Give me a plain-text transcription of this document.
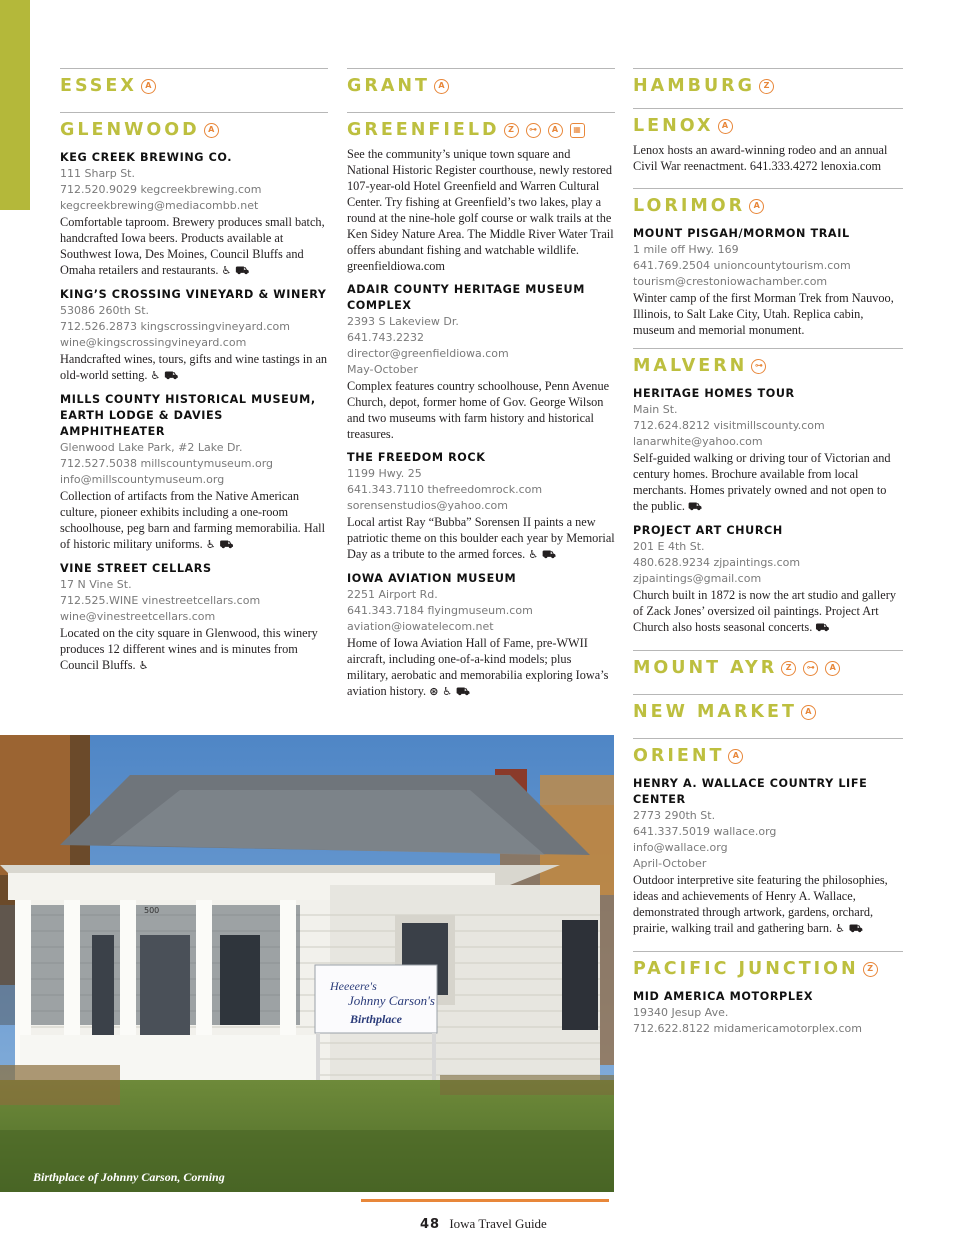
ESSEX	A
GLENWOOD	A
KEG CREEK BREWING CO.
111 Sharp St.
712.520.9029 kegcreekbrewing.com
kegcreekbrewing@mediacombb.net
Comfortable taproom. Brewery produces small batch, handcrafted Iowa beers. Products available at Southwest Iowa, Des Moines, Council Bluffs and Omaha retailers and restaurants. ♿ ⛟
KING’S CROSSING VINEYARD & WINERY
53086 260th St.
712.526.2873 kingscrossingvineyard.com
wine@kingscrossingvineyard.com
Handcrafted wines, tours, gifts and wine tastings in an old-world setting. ♿ ⛟
MILLS COUNTY HISTORICAL MUSEUM, EARTH LODGE & DAVIES AMPHITHEATER
Glenwood Lake Park, #2 Lake Dr.
712.527.5038 millscountymuseum.org
info@millscountymuseum.org
Collection of artifacts from the Native American culture, pioneer exhibits including a one-room schoolhouse, peg barn and farming memorabilia. Hall of historic military uniforms. ♿ ⛟
VINE STREET CELLARS
17 N Vine St.
712.525.WINE vinestreetcellars.com
wine@vinestreetcellars.com
Located on the city square in Glenwood, this winery produces 12 different wines and is minutes from Council Bluffs. ♿
GRANT	A
GREENFIELD	Z	⊶	A	▦
See the community’s unique town square and National Historic Register courthouse, newly restored 107-year-old Hotel Greenfield and Warren Cultural Center. Try fishing at Greenfield’s two lakes, play a round at the nine-hole golf course or walk trails at the Ken Sidey Nature Area. The Middle River Water Trail offers abundant fishing and watchable wildlife. greenfieldiowa.com
ADAIR COUNTY HERITAGE MUSEUM COMPLEX
2393 S Lakeview Dr.
641.743.2232
director@greenfieldiowa.com
May-October
Complex features country schoolhouse, Penn Avenue Church, depot, former home of Gov. George Wilson and two museums with farm history and historical treasures.
THE FREEDOM ROCK
1199 Hwy. 25
641.343.7110 thefreedomrock.com
sorensenstudios@yahoo.com
Local artist Ray “Bubba” Sorensen II paints a new patriotic theme on this boulder each year by Memorial Day as a tribute to the armed forces. ♿ ⛟
IOWA AVIATION MUSEUM
2251 Airport Rd.
641.343.7184 flyingmuseum.com
aviation@iowatelecom.net
Home of Iowa Aviation Hall of Fame, pre-WWII aircraft, including one-of-a-kind models; plus military, aerobatic and memorabilia exploring Iowa’s aviation history. ⊛ ♿ ⛟
HAMBURG	Z
LENOX	A
Lenox hosts an award-winning rodeo and an annual Civil War reenactment. 641.333.4272 lenoxia.com
LORIMOR	A
MOUNT PISGAH/MORMON TRAIL
1 mile off Hwy. 169
641.769.2504 unioncountytourism.com
tourism@crestoniowachamber.com
Winter camp of the first Morman Trek from Nauvoo, Illinois, to Salt Lake City, Utah. Replica cabin, museum and memorial monument.
MALVERN ⊶
HERITAGE HOMES TOUR
Main St.
712.624.8212 visitmillscounty.com
lanarwhite@yahoo.com
Self-guided walking or driving tour of Victorian and century homes. Brochure available from local merchants. Homes privately owned and not open to the public. ⛟
PROJECT ART CHURCH
201 E 4th St.
480.628.9234 zjpaintings.com
zjpaintings@gmail.com
Church built in 1872 is now the art studio and gallery of Zack Jones’ oversized oil paintings. Project Art Church also hosts seasonal concerts. ⛟
MOUNT AYR	Z	⊶	A
NEW MARKET	A
ORIENT	A
HENRY A. WALLACE COUNTRY LIFE CENTER
2773 290th St.
641.337.5019 wallace.org
info@wallace.org
April-October
Outdoor interpretive site featuring the philosophies, ideas and achievements of Henry A. Wallace, demonstrated through artwork, gardens, orchard, prairie, walking trail and gathering barn. ♿ ⛟
PACIFIC JUNCTION	Z
MID AMERICA MOTORPLEX
19340 Jesup Ave.
712.622.8122 midamericamotorplex.com
Heeeere's
Johnny Carson's
Birthplace
500
Birthplace of Johnny Carson, Corning
48 Iowa Travel Guide
